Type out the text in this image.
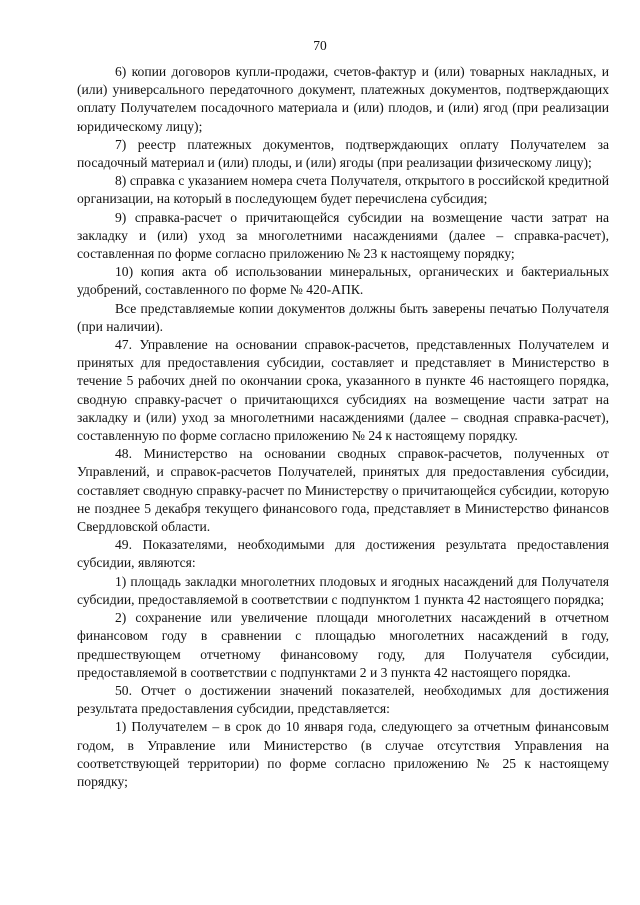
70

6) копии договоров купли-продажи, счетов-фактур и (или) товарных накладных, и (или) универсального передаточного документ, платежных документов, подтверждающих оплату Получателем посадочного материала и (или) плодов, и (или) ягод (при реализации юридическому лицу);

7) реестр платежных документов, подтверждающих оплату Получателем за посадочный материал и (или) плоды, и (или) ягоды (при реализации физическому лицу);

8) справка с указанием номера счета Получателя, открытого в российской кредитной организации, на который в последующем будет перечислена субсидия;

9) справка-расчет о причитающейся субсидии на возмещение части затрат на закладку и (или) уход за многолетними насаждениями (далее – справка-расчет), составленная по форме согласно приложению № 23 к настоящему порядку;

10) копия акта об использовании минеральных, органических и бактериальных удобрений, составленного по форме № 420-АПК.

Все представляемые копии документов должны быть заверены печатью Получателя (при наличии).

47. Управление на основании справок-расчетов, представленных Получателем и принятых для предоставления субсидии, составляет и представляет в Министерство в течение 5 рабочих дней по окончании срока, указанного в пункте 46 настоящего порядка, сводную справку-расчет о причитающихся субсидиях на возмещение части затрат на закладку и (или) уход за многолетними насаждениями (далее – сводная справка-расчет), составленную по форме согласно приложению № 24 к настоящему порядку.

48. Министерство на основании сводных справок-расчетов, полученных от Управлений, и справок-расчетов Получателей, принятых для предоставления субсидии, составляет сводную справку-расчет по Министерству о причитающейся субсидии, которую не позднее 5 декабря текущего финансового года, представляет в Министерство финансов Свердловской области.

49. Показателями, необходимыми для достижения результата предоставления субсидии, являются:

1) площадь закладки многолетних плодовых и ягодных насаждений для Получателя субсидии, предоставляемой в соответствии с подпунктом 1 пункта 42 настоящего порядка;

2) сохранение или увеличение площади многолетних насаждений в отчетном финансовом году в сравнении с площадью многолетних насаждений в году, предшествующем отчетному финансовому году, для Получателя субсидии, предоставляемой в соответствии с подпунктами 2 и 3 пункта 42 настоящего порядка.

50. Отчет о достижении значений показателей, необходимых для достижения результата предоставления субсидии, представляется:

1) Получателем – в срок до 10 января года, следующего за отчетным финансовым годом, в Управление или Министерство (в случае отсутствия Управления на соответствующей территории) по форме согласно приложению № 25 к настоящему порядку;
